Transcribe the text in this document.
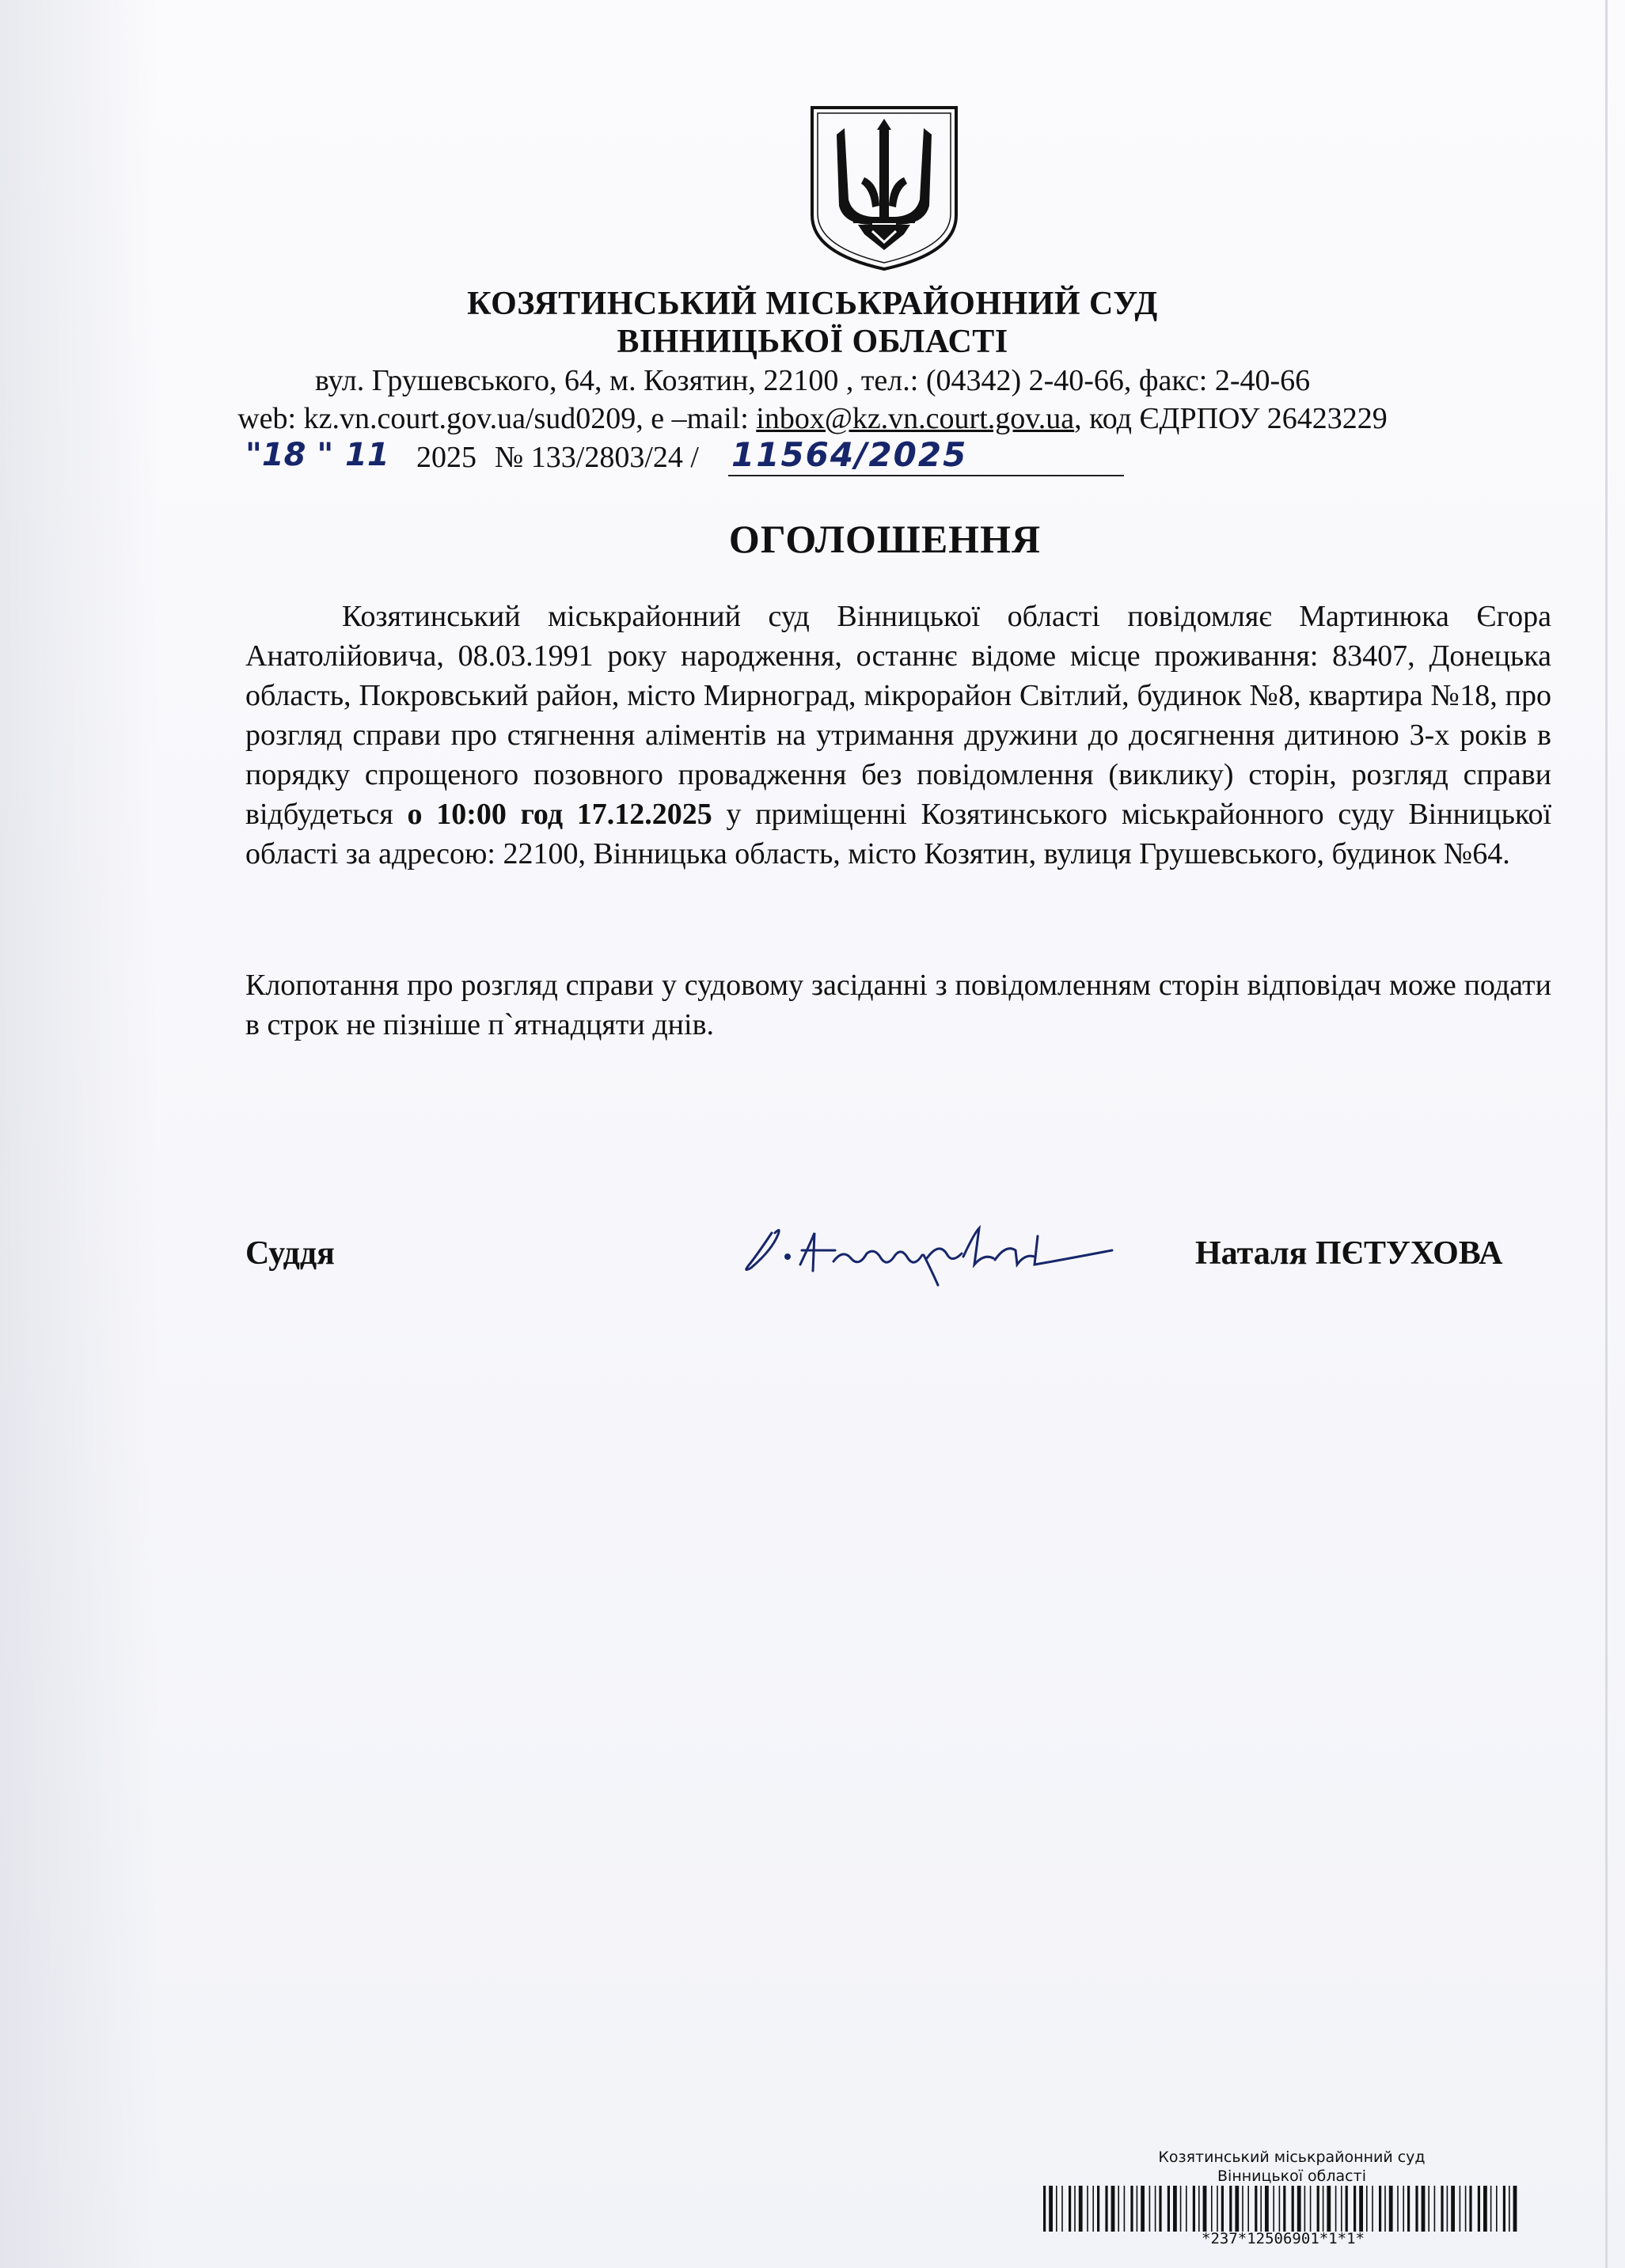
КОЗЯТИНСЬКИЙ МІСЬКРАЙОННИЙ СУД
ВІННИЦЬКОЇ ОБЛАСТІ
вул. Грушевського, 64, м. Козятин, 22100 , тел.: (04342) 2-40-66, факс: 2-40-66
web: kz.vn.court.gov.ua/sud0209, e –mail: inbox@kz.vn.court.gov.ua, код ЄДРПОУ 26423229
"18 " 11 2025 № 133/2803/24 / 11564/2025
ОГОЛОШЕННЯ
Козятинський міськрайонний суд Вінницької області повідомляє Мартинюка Єгора Анатолійовича, 08.03.1991 року народження, останнє відоме місце проживання: 83407, Донецька область, Покровський район, місто Мирноград, мікрорайон Світлий, будинок №8, квартира №18, про розгляд справи про стягнення аліментів на утримання дружини до досягнення дитиною 3-х років в порядку спрощеного позовного провадження без повідомлення (виклику) сторін, розгляд справи відбудеться о 10:00 год 17.12.2025 у приміщенні Козятинського міськрайонного суду Вінницької області за адресою: 22100, Вінницька область, місто Козятин, вулиця Грушевського, будинок №64.
Клопотання про розгляд справи у судовому засіданні з повідомленням сторін відповідач може подати в строк не пізніше п`ятнадцяти днів.
Суддя	Наталя ПЄТУХОВА
Козятинський міськрайонний суд
Вінницької області
*237*12506901*1*1*
